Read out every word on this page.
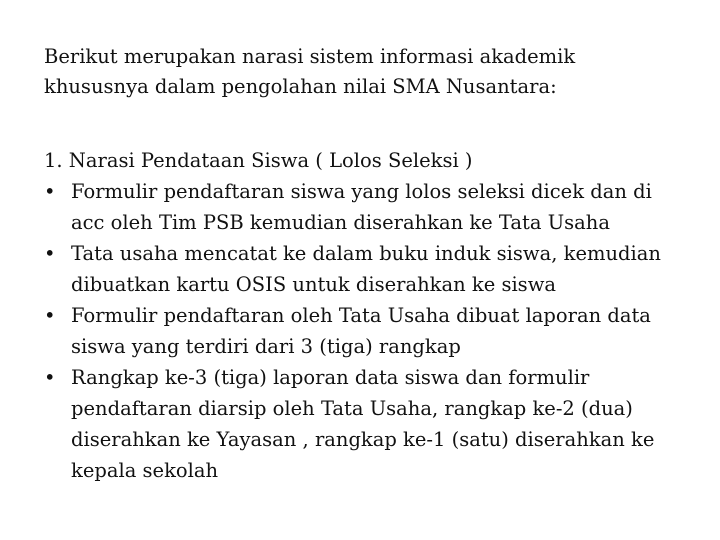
Berikut merupakan narasi sistem informasi akademik
khususnya dalam pengolahan nilai SMA Nusantara:

1. Narasi Pendataan Siswa ( Lolos Seleksi )
• Formulir pendaftaran siswa yang lolos seleksi dicek dan di
acc oleh Tim PSB kemudian diserahkan ke Tata Usaha
• Tata usaha mencatat ke dalam buku induk siswa, kemudian
dibuatkan kartu OSIS untuk diserahkan ke siswa
• Formulir pendaftaran oleh Tata Usaha dibuat laporan data
siswa yang terdiri dari 3 (tiga) rangkap
• Rangkap ke-3 (tiga) laporan data siswa dan formulir
pendaftaran diarsip oleh Tata Usaha, rangkap ke-2 (dua)
diserahkan ke Yayasan , rangkap ke-1 (satu) diserahkan ke
kepala sekolah
